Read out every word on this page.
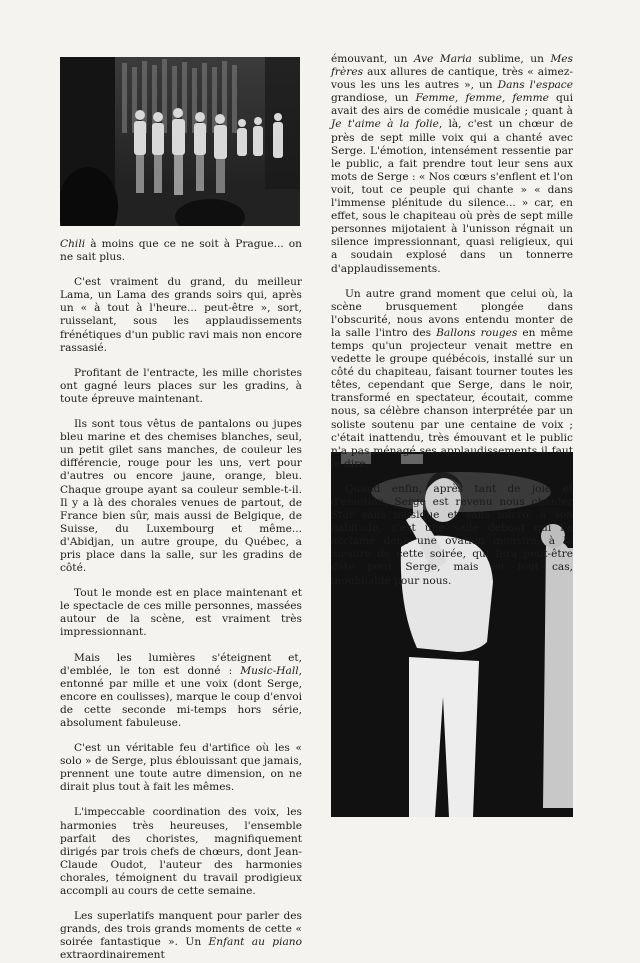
Chili à moins que ce ne soit à Prague... on ne sait plus.

C'est vraiment du grand, du meilleur Lama, un Lama des grands soirs qui, après un « à tout à l'heure... peut-être », sort, ruisselant, sous les applaudissements frénétiques d'un public ravi mais non encore rassasié.

Profitant de l'entracte, les mille choristes ont gagné leurs places sur les gradins, à toute épreuve maintenant.

Ils sont tous vêtus de pantalons ou jupes bleu marine et des chemises blanches, seul, un petit gilet sans manches, de couleur les différencie, rouge pour les uns, vert pour d'autres ou encore jaune, orange, bleu. Chaque groupe ayant sa couleur semble-t-il. Il y a là des chorales venues de partout, de France bien sûr, mais aussi de Belgique, de Suisse, du Luxembourg et même... d'Abidjan, un autre groupe, du Québec, a pris place dans la salle, sur les gradins de côté.

Tout le monde est en place maintenant et le spectacle de ces mille personnes, massées autour de la scène, est vraiment très impressionnant.

Mais les lumières s'éteignent et, d'emblée, le ton est donné : Music-Hall, entonné par mille et une voix (dont Serge, encore en coulisses), marque le coup d'envoi de cette seconde mi-temps hors série, absolument fabuleuse.

C'est un véritable feu d'artifice où les « solo » de Serge, plus éblouissant que jamais, prennent une toute autre dimension, on ne dirait plus tout à fait les mêmes.

L'impeccable coordination des voix, les harmonies très heureuses, l'ensemble parfait des choristes, magnifiquement dirigés par trois chefs de chœurs, dont Jean-Claude Oudot, l'auteur des harmonies chorales, témoignent du travail prodigieux accompli au cours de cette semaine.

Les superlatifs manquent pour parler des grands, des trois grands moments de cette « soirée fantastique ». Un Enfant au piano extraordinairement

émouvant, un Ave Maria sublime, un Mes frères aux allures de cantique, très « aimez-vous les uns les autres », un Dans l'espace grandiose, un Femme, femme, femme qui avait des airs de comédie musicale ; quant à Je t'aime à la folie, là, c'est un chœur de près de sept mille voix qui a chanté avec Serge. L'émotion, intensément ressentie par le public, a fait prendre tout leur sens aux mots de Serge : « Nos cœurs s'enflent et l'on voit, tout ce peuple qui chante » « dans l'immense plénitude du silence... » car, en effet, sous le chapiteau où près de sept mille personnes mijotaient à l'unisson régnait un silence impressionnant, quasi religieux, qui a soudain explosé dans un tonnerre d'applaudissements.

Un autre grand moment que celui où, la scène brusquement plongée dans l'obscurité, nous avons entendu monter de la salle l'intro des Ballons rouges en même temps qu'un projecteur venait mettre en vedette le groupe québécois, installé sur un côté du chapiteau, faisant tourner toutes les têtes, cependant que Serge, dans le noir, transformé en spectateur, écoutait, comme nous, sa célèbre chanson interprétée par un soliste soutenu par une centaine de voix ; c'était inattendu, très émouvant et le public n'a pas ménagé ses applaudissements il faut le dire.

Quand enfin, après tant de joie et d'émotion, Serge est revenu nous chanter Star sans musique et sans micro, à son habitude, c'est une salle debout qui l'a acclamé dans une ovation monstre, à la mesure de cette soirée, qui fera peut-être date pour Serge, mais en tout cas, inoubliable pour nous.
